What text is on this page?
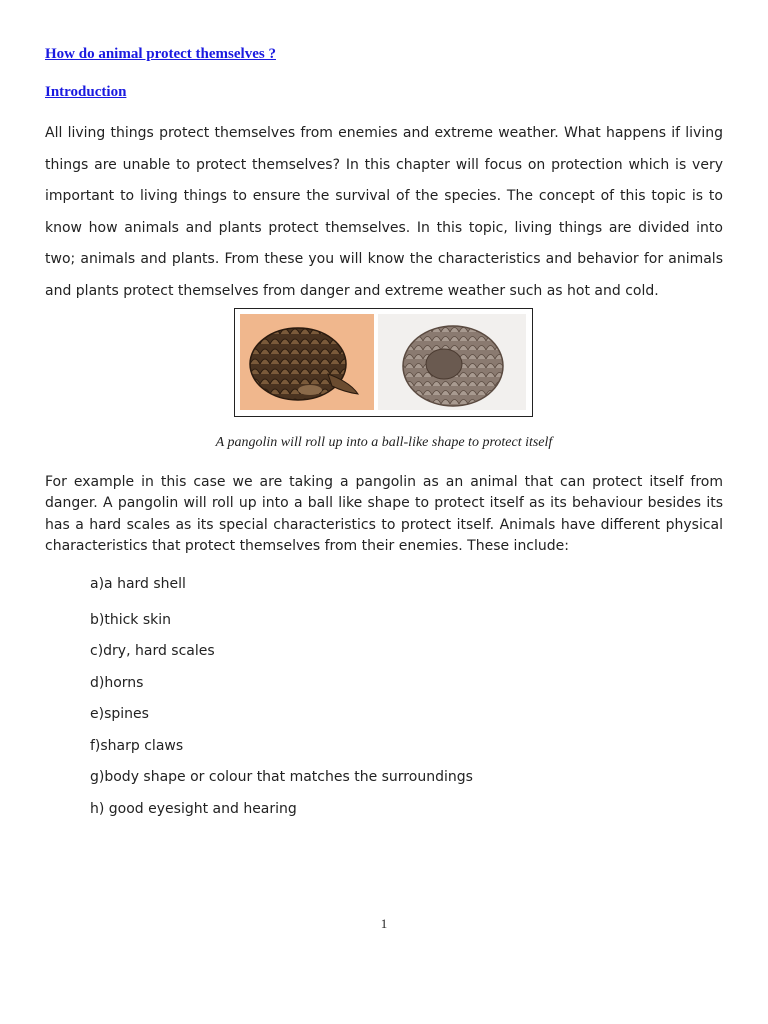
How do animal protect themselves ?

Introduction

All living things protect themselves from enemies and extreme weather. What happens if living things are unable to protect themselves? In this chapter will focus on protection which is very important to living things to ensure the survival of the species. The concept of this topic is to know how animals and plants protect themselves. In this topic, living things are divided into two; animals and plants. From these you will know the characteristics and behavior for animals and plants protect themselves from danger and extreme weather such as hot and cold.

A pangolin will roll up into a ball-like shape to protect itself

For example in this case we are taking a pangolin as an animal that can protect itself from danger. A pangolin will roll up into a ball like shape to protect itself as its behaviour besides its has a hard scales as its special characteristics to protect itself. Animals have different physical characteristics that protect themselves from their enemies. These include:

a)a hard shell

b)thick skin

c)dry, hard scales

d)horns

e)spines

f)sharp claws

g)body shape or colour that matches the surroundings

h) good eyesight and hearing

1
